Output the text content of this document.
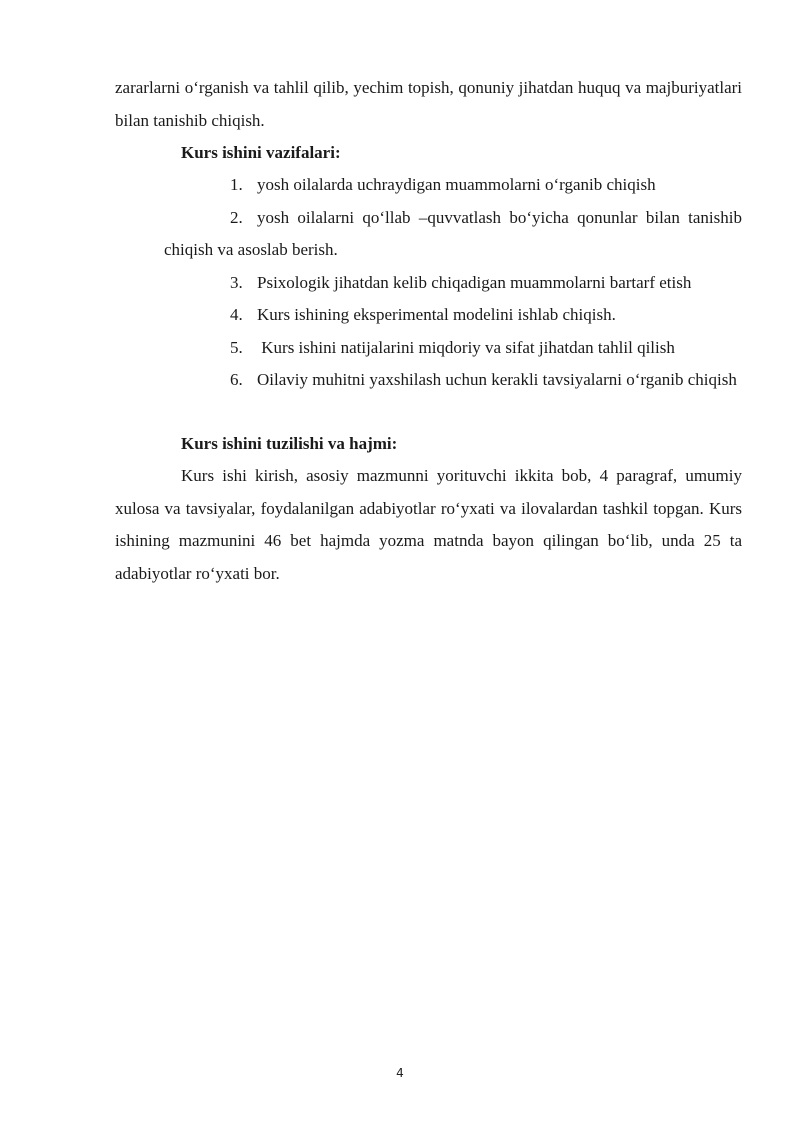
zararlarni o‘rganish va tahlil qilib, yechim topish, qonuniy jihatdan huquq va majburiyatlari bilan tanishib chiqish.

Kurs ishini vazifalari:

1. yosh oilalarda uchraydigan muammolarni o‘rganib chiqish
2. yosh oilalarni qo‘llab –quvvatlash bo‘yicha qonunlar bilan tanishib chiqish va asoslab berish.
3. Psixologik jihatdan kelib chiqadigan muammolarni bartarf etish
4. Kurs ishining eksperimental modelini ishlab chiqish.
5. Kurs ishini natijalarini miqdoriy va sifat jihatdan tahlil qilish
6. Oilaviy muhitni yaxshilash uchun kerakli tavsiyalarni o‘rganib chiqish

Kurs ishini tuzilishi va hajmi:

Kurs ishi kirish, asosiy mazmunni yorituvchi ikkita bob, 4 paragraf, umumiy xulosa va tavsiyalar, foydalanilgan adabiyotlar ro‘yxati va ilovalardan tashkil topgan. Kurs ishining mazmunini 46 bet hajmda yozma matnda bayon qilingan bo‘lib, unda 25 ta adabiyotlar ro‘yxati bor.

4
